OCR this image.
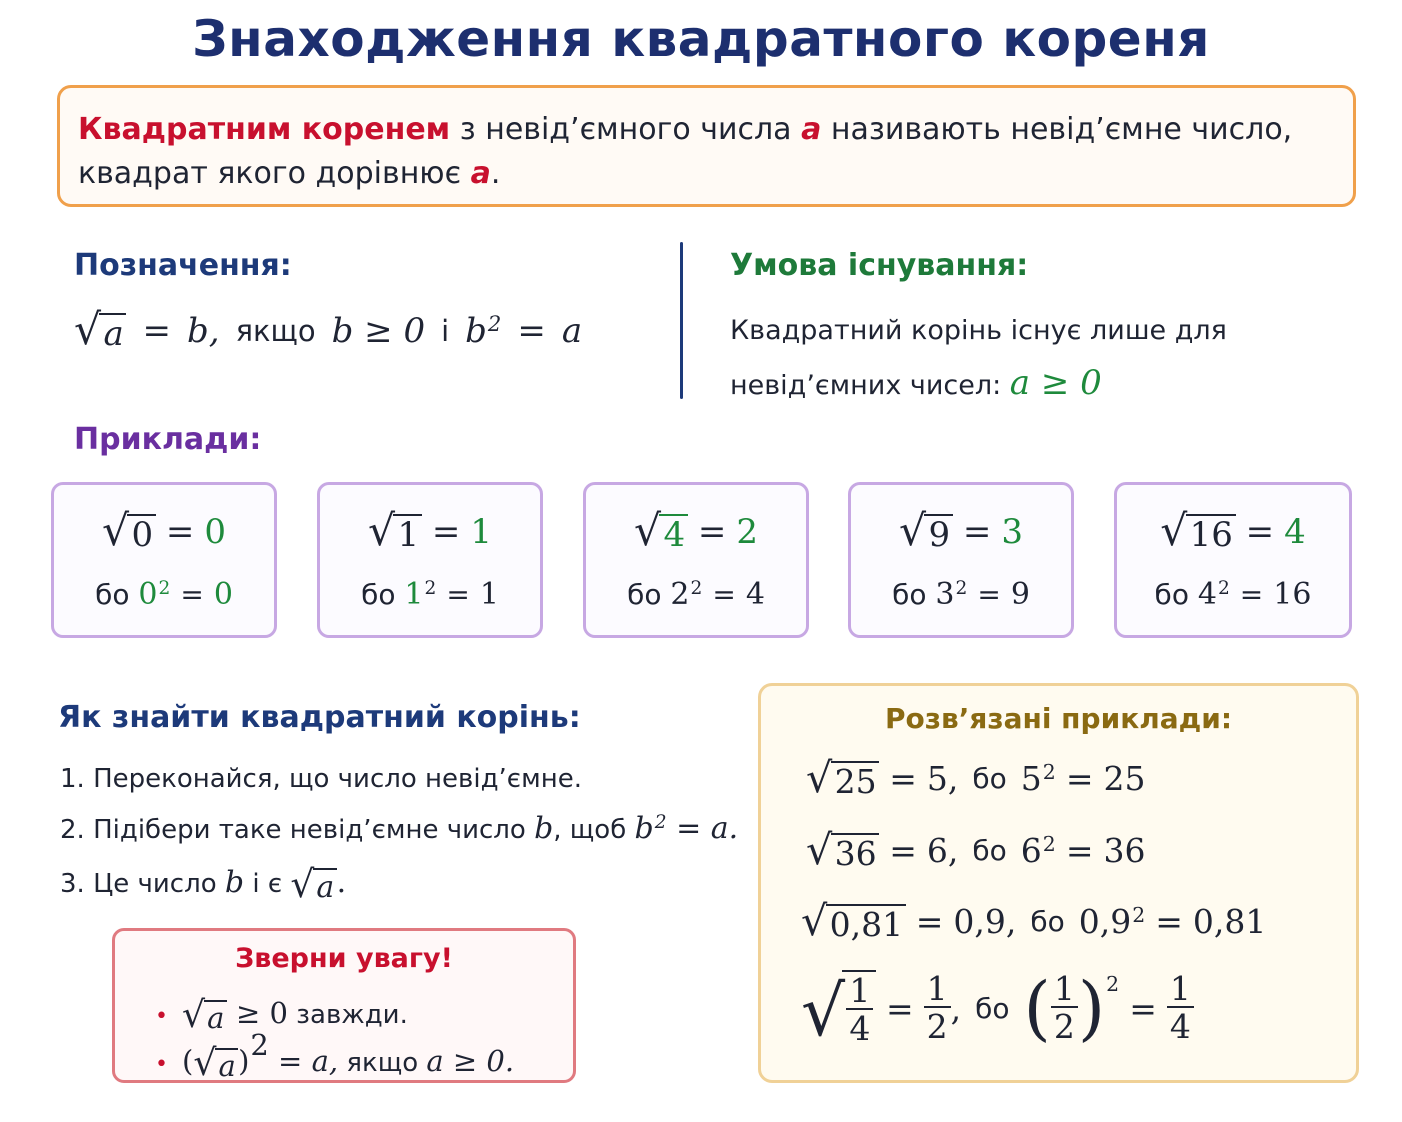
Знаходження квадратного кореня
Квадратним коренем з невід’ємного числа a називають невід’ємне число,
квадрат якого дорівнює a.
Позначення:
√ a = b, якщо b ≥ 0 і $b^2 = a$
Умова існування:
Квадратний корінь існує лише для
невід’ємних чисел: a ≥ 0
Приклади:
√ 0 = 0
бо $0^2 = 0$
√ 1 = 1
бо $1^2 = 1$
√ 4 = 2
бо $2^2 = 4$
√ 9 = 3
бо $3^2 = 9$
√ 16 = 4
бо $4^2 = 16$
Як знайти квадратний корінь:
1. Переконайся, що число невід’ємне.
2. Підібери таке невід’ємне число b, щоб $b^2 = a$.
3. Це число b і є √ a .
Зверни увагу!
• √ a ≥ 0 завжди.
• ( √ a )$^2$ = a, якщо a ≥ 0.
Розв’язані приклади:
√ 25 = 5, бо $5^2 = 25$
√ 36 = 6, бо $6^2 = 36$
√ 0,81 = 0,9, бо $0,9^2 = 0,81$
√ $\frac{1}{4} = \frac{1}{2}$ , бо ( $\frac{1}{2} )^2$
= $\frac{1}{4}$
